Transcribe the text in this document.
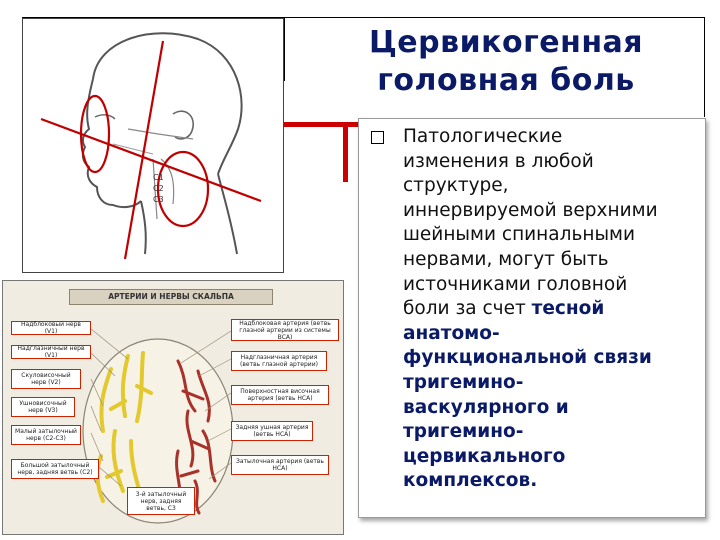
Цервикогенная
головная боль
C1
C2
C3
АРТЕРИИ И НЕРВЫ СКАЛЬПА
Надблоковый нерв (V1)
Надглазничный нерв (V1)
Скуловисочный нерв (V2)
Ушновисочный нерв (V3)
Малый затылочный нерв (С2-С3)
Большой затылочный нерв, задняя ветвь (С2)
Надблоковая артерия (ветвь глазной артерии из системы ВСА)
Надглазничная артерия (ветвь глазной артерии)
Поверхностная височная артерия (ветвь НСА)
Задняя ушная артерия (ветвь НСА)
Затылочная артерия (ветвь НСА)
3-й затылочный нерв, задняя ветвь, С3
Патологические
изменения в любой
структуре,
иннервируемой верхними
шейными спинальными
нервами, могут быть
источниками головной
боли за счет тесной
анатомо-
функциональной связи
тригемино-
васкулярного и
тригемино-
цервикального
комплексов.
